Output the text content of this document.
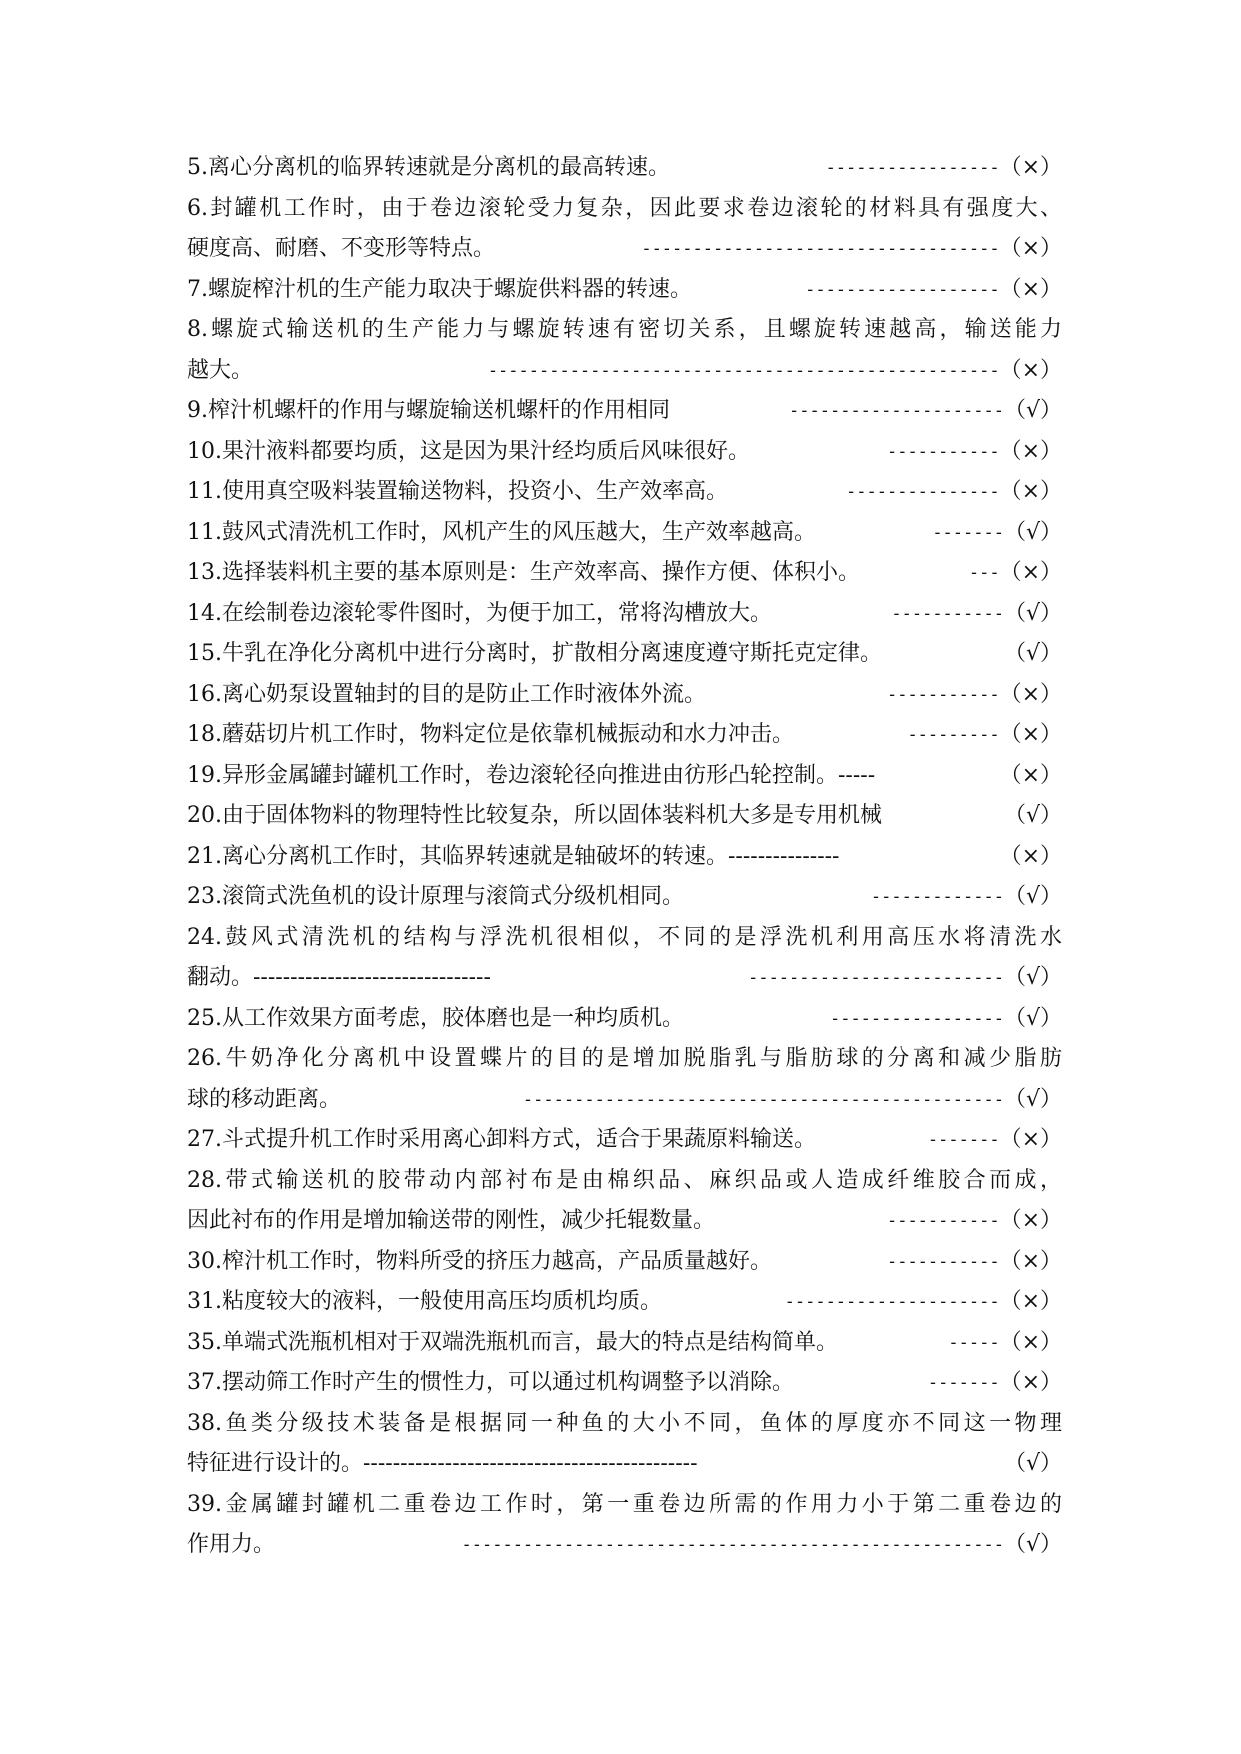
5.离心分离机的临界转速就是分离机的最高转速。	----------------- （×）
6.封罐机工作时，由于卷边滚轮受力复杂，因此要求卷边滚轮的材料具有强度大、
硬度高、耐磨、不变形等特点。	----------------------------------- （×）
7.螺旋榨汁机的生产能力取决于螺旋供料器的转速。	------------------- （×）
8.螺旋式输送机的生产能力与螺旋转速有密切关系，且螺旋转速越高，输送能力
越大。	-------------------------------------------------- （×）
9.榨汁机螺杆的作用与螺旋输送机螺杆的作用相同	--------------------- （√）
10.果汁液料都要均质，这是因为果汁经均质后风味很好。	----------- （×）
11.使用真空吸料装置输送物料，投资小、生产效率高。	--------------- （×）
11.鼓风式清洗机工作时，风机产生的风压越大，生产效率越高。	------- （√）
13.选择装料机主要的基本原则是：生产效率高、操作方便、体积小。	--- （×）
14.在绘制卷边滚轮零件图时，为便于加工，常将沟槽放大。	----------- （√）
15.牛乳在净化分离机中进行分离时，扩散相分离速度遵守斯托克定律。	（√）
16.离心奶泵设置轴封的目的是防止工作时液体外流。	----------- （×）
18.蘑菇切片机工作时，物料定位是依靠机械振动和水力冲击。	--------- （×）
19.异形金属罐封罐机工作时，卷边滚轮径向推进由彷形凸轮控制。-----	（×）
20.由于固体物料的物理特性比较复杂，所以固体装料机大多是专用机械	（√）
21.离心分离机工作时，其临界转速就是轴破坏的转速。---------------	（×）
23.滚筒式洗鱼机的设计原理与滚筒式分级机相同。	------------- （√）
24.鼓风式清洗机的结构与浮洗机很相似，不同的是浮洗机利用高压水将清洗水
翻动。--------------------------------	------------------------- （√）
25.从工作效果方面考虑，胶体磨也是一种均质机。	----------------- （√）
26.牛奶净化分离机中设置蝶片的目的是增加脱脂乳与脂肪球的分离和减少脂肪
球的移动距离。	----------------------------------------------- （√）
27.斗式提升机工作时采用离心卸料方式，适合于果蔬原料输送。	------- （×）
28.带式输送机的胶带动内部衬布是由棉织品、麻织品或人造成纤维胶合而成，
因此衬布的作用是增加输送带的刚性，减少托辊数量。	----------- （×）
30.榨汁机工作时，物料所受的挤压力越高，产品质量越好。	----------- （×）
31.粘度较大的液料，一般使用高压均质机均质。	--------------------- （×）
35.单端式洗瓶机相对于双端洗瓶机而言，最大的特点是结构简单。	----- （×）
37.摆动筛工作时产生的惯性力，可以通过机构调整予以消除。	------- （×）
38.鱼类分级技术装备是根据同一种鱼的大小不同，鱼体的厚度亦不同这一物理
特征进行设计的。---------------------------------------------	（√）
39.金属罐封罐机二重卷边工作时，第一重卷边所需的作用力小于第二重卷边的
作用力。	----------------------------------------------------- （√）
